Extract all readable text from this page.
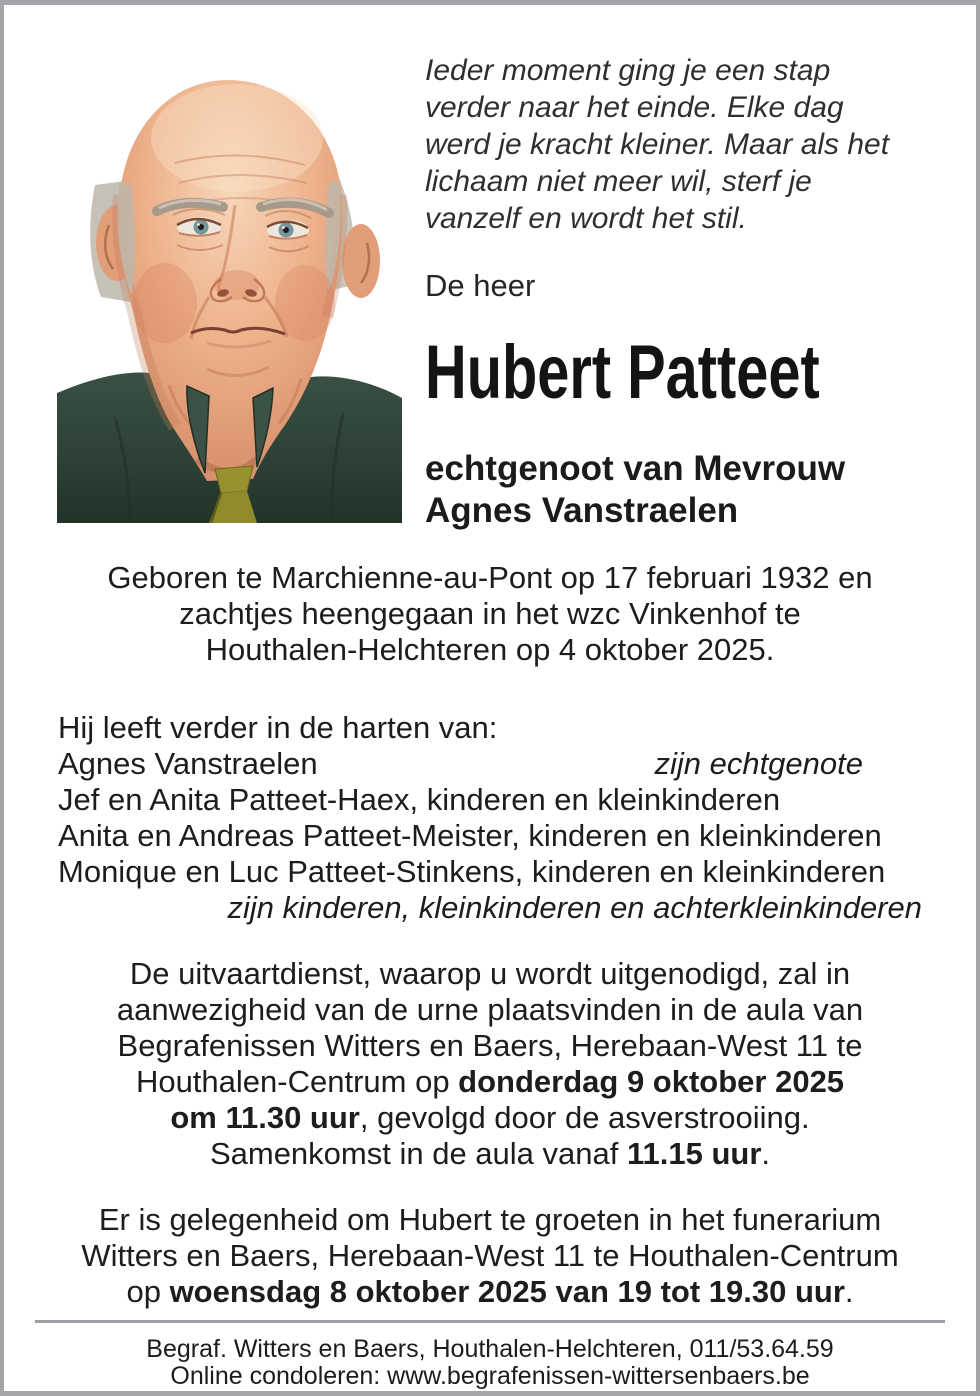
Ieder moment ging je een stap
verder naar het einde. Elke dag
werd je kracht kleiner. Maar als het
lichaam niet meer wil, sterf je
vanzelf en wordt het stil.
De heer
Hubert Patteet
echtgenoot van Mevrouw
Agnes Vanstraelen
Geboren te Marchienne-au-Pont op 17 februari 1932 en
zachtjes heengegaan in het wzc Vinkenhof te
Houthalen-Helchteren op 4 oktober 2025.
Hij leeft verder in de harten van:
Agnes Vanstraelen	zijn echtgenote
Jef en Anita Patteet-Haex, kinderen en kleinkinderen
Anita en Andreas Patteet-Meister, kinderen en kleinkinderen
Monique en Luc Patteet-Stinkens, kinderen en kleinkinderen
zijn kinderen, kleinkinderen en achterkleinkinderen
De uitvaartdienst, waarop u wordt uitgenodigd, zal in
aanwezigheid van de urne plaatsvinden in de aula van
Begrafenissen Witters en Baers, Herebaan-West 11 te
Houthalen-Centrum op donderdag 9 oktober 2025
om 11.30 uur, gevolgd door de asverstrooiing.
Samenkomst in de aula vanaf 11.15 uur.
Er is gelegenheid om Hubert te groeten in het funerarium
Witters en Baers, Herebaan-West 11 te Houthalen-Centrum
op woensdag 8 oktober 2025 van 19 tot 19.30 uur.
Begraf. Witters en Baers, Houthalen-Helchteren, 011/53.64.59
Online condoleren: www.begrafenissen-wittersenbaers.be
